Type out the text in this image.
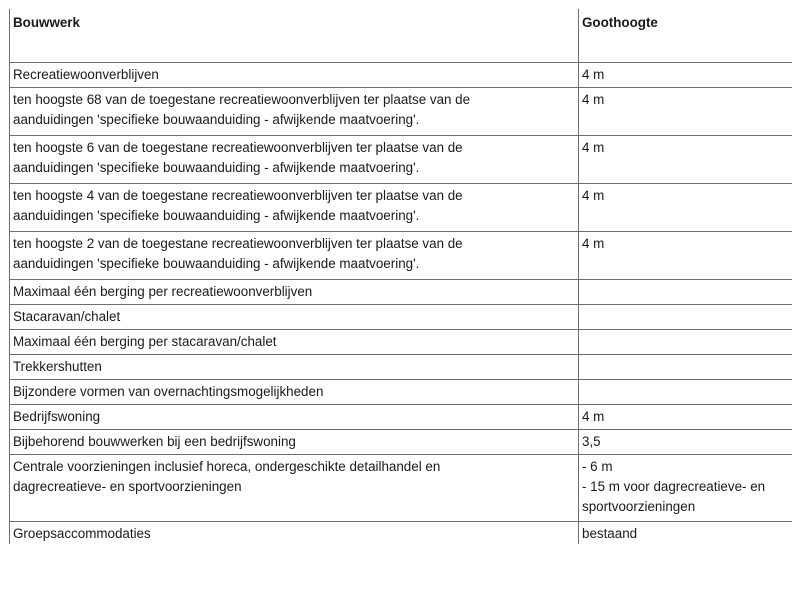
Bouwwerk	Goothoogte

Recreatiewoonverblijven	4 m

ten hoogste 68 van de toegestane recreatiewoonverblijven ter plaatse van de
aanduidingen 'specifieke bouwaanduiding - afwijkende maatvoering'.	4 m

ten hoogste 6 van de toegestane recreatiewoonverblijven ter plaatse van de
aanduidingen 'specifieke bouwaanduiding - afwijkende maatvoering'.	4 m

ten hoogste 4 van de toegestane recreatiewoonverblijven ter plaatse van de
aanduidingen 'specifieke bouwaanduiding - afwijkende maatvoering'.	4 m

ten hoogste 2 van de toegestane recreatiewoonverblijven ter plaatse van de
aanduidingen 'specifieke bouwaanduiding - afwijkende maatvoering'.	4 m

Maximaal één berging per recreatiewoonverblijven	

Stacaravan/chalet	

Maximaal één berging per stacaravan/chalet	

Trekkershutten	

Bijzondere vormen van overnachtingsmogelijkheden	

Bedrijfswoning	4 m

Bijbehorend bouwwerken bij een bedrijfswoning	3,5

Centrale voorzieningen inclusief horeca, ondergeschikte detailhandel en
dagrecreatieve- en sportvoorzieningen	- 6 m
- 15 m voor dagrecreatieve- en
sportvoorzieningen

Groepsaccommodaties	bestaand
